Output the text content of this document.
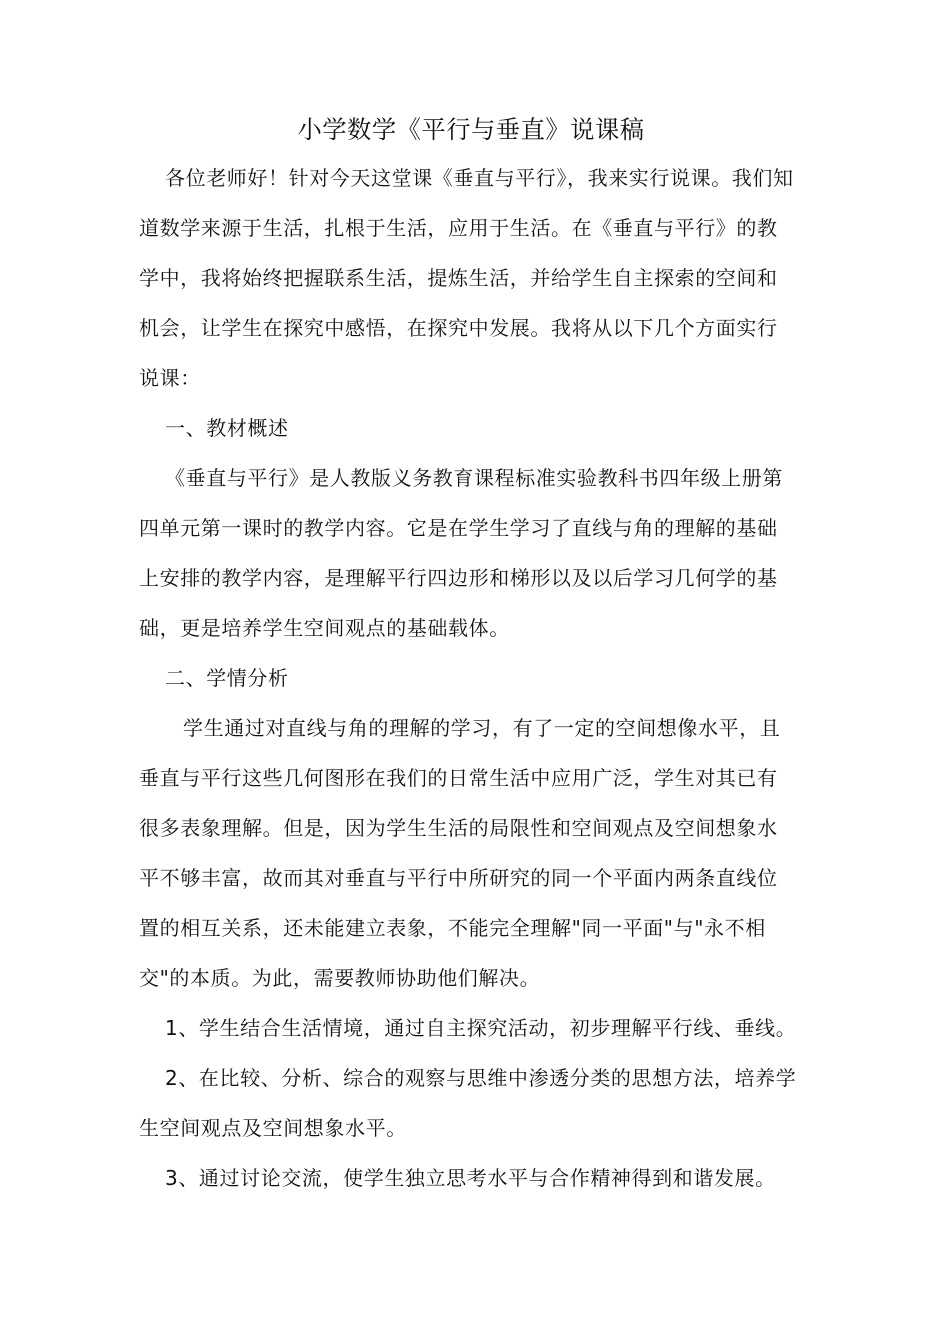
小学数学《平行与垂直》说课稿
各位老师好！针对今天这堂课《垂直与平行》，我来实行说课。我们知
道数学来源于生活，扎根于生活，应用于生活。在《垂直与平行》的教
学中，我将始终把握联系生活，提炼生活，并给学生自主探索的空间和
机会，让学生在探究中感悟，在探究中发展。我将从以下几个方面实行
说课：
一、教材概述
《垂直与平行》是人教版义务教育课程标准实验教科书四年级上册第
四单元第一课时的教学内容。它是在学生学习了直线与角的理解的基础
上安排的教学内容，是理解平行四边形和梯形以及以后学习几何学的基
础，更是培养学生空间观点的基础载体。
二、学情分析
学生通过对直线与角的理解的学习，有了一定的空间想像水平，且
垂直与平行这些几何图形在我们的日常生活中应用广泛，学生对其已有
很多表象理解。但是，因为学生生活的局限性和空间观点及空间想象水
平不够丰富，故而其对垂直与平行中所研究的同一个平面内两条直线位
置的相互关系，还未能建立表象，不能完全理解"同一平面"与"永不相
交"的本质。为此，需要教师协助他们解决。
1、学生结合生活情境，通过自主探究活动，初步理解平行线、垂线。
2、在比较、分析、综合的观察与思维中渗透分类的思想方法，培养学
生空间观点及空间想象水平。
3、通过讨论交流，使学生独立思考水平与合作精神得到和谐发展。
